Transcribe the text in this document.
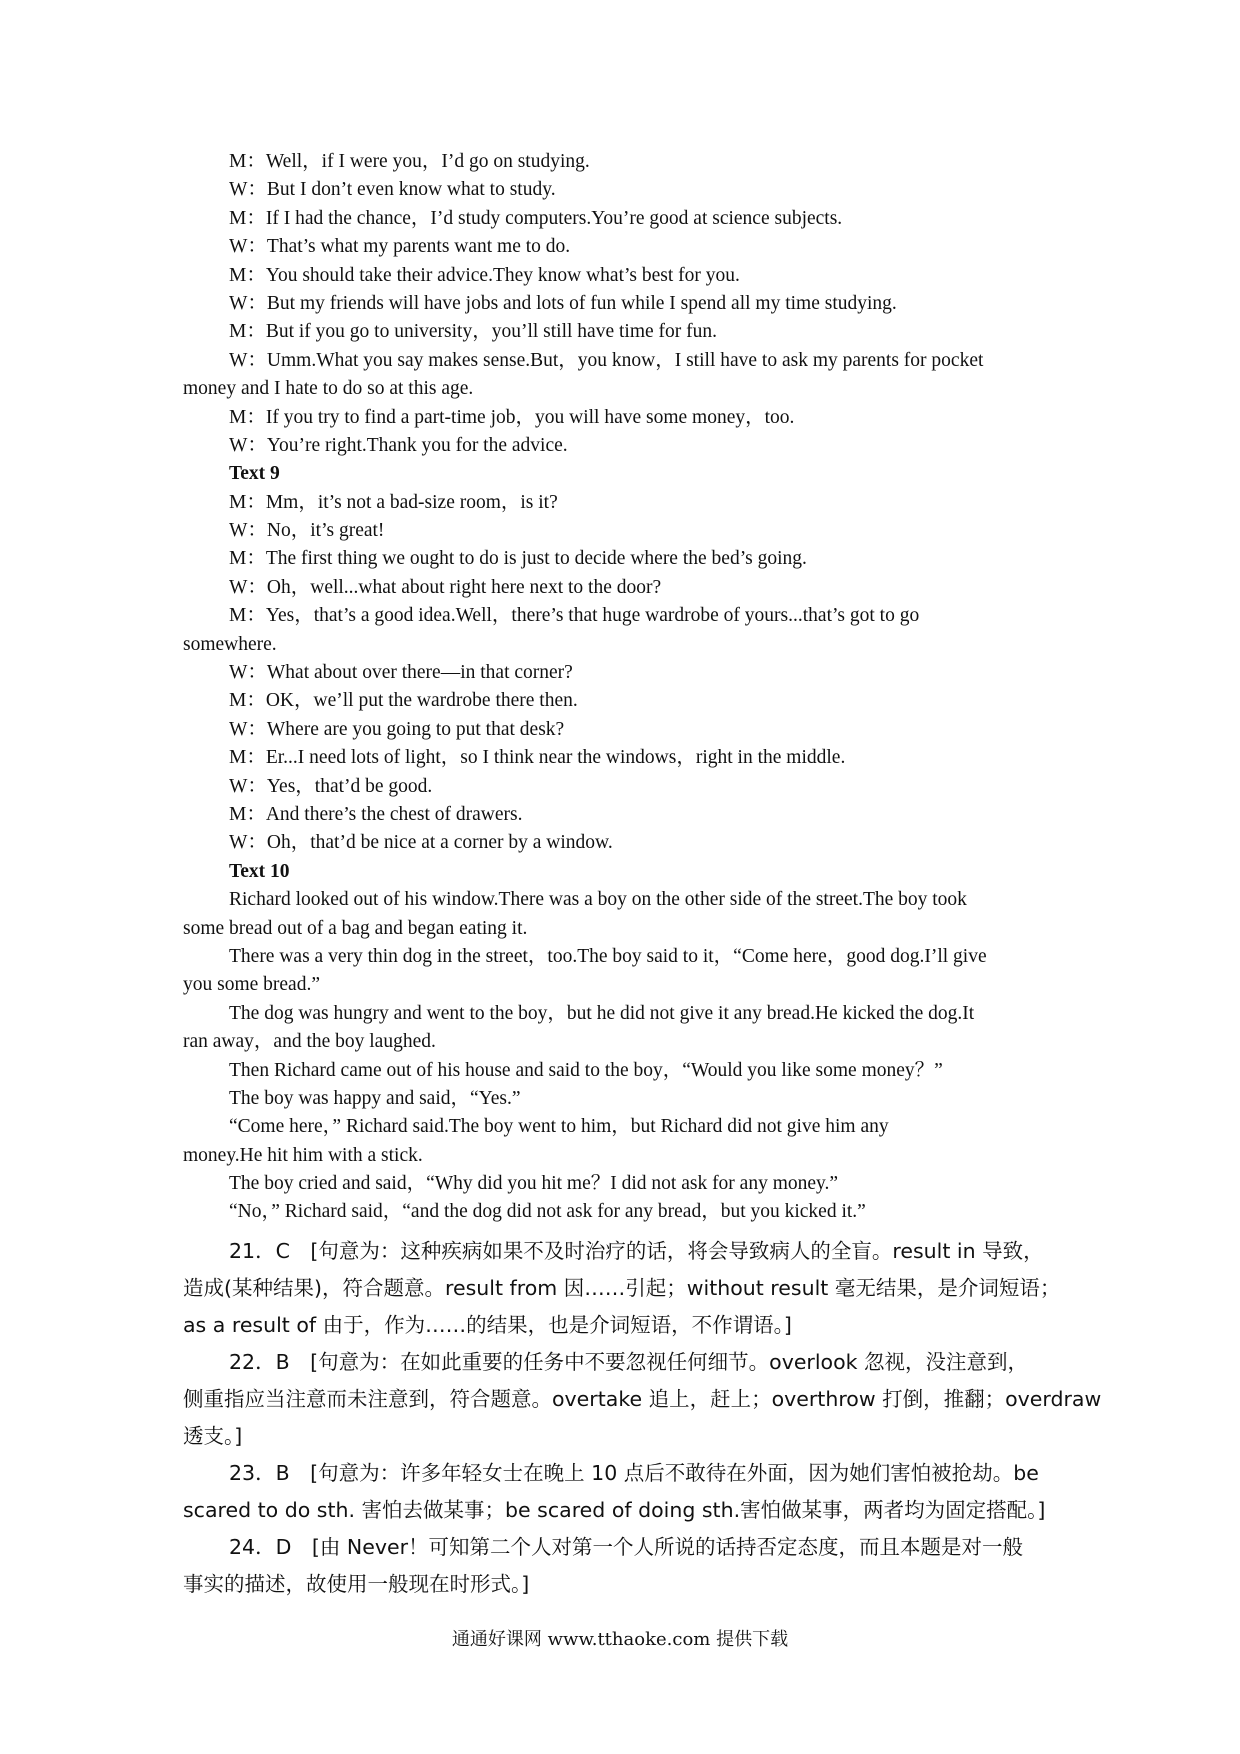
M：Well，if I were you，I’d go on studying.
W：But I don’t even know what to study.
M：If I had the chance，I’d study computers.You’re good at science subjects.
W：That’s what my parents want me to do.
M：You should take their advice.They know what’s best for you.
W：But my friends will have jobs and lots of fun while I spend all my time studying.
M：But if you go to university，you’ll still have time for fun.
W：Umm.What you say makes sense.But，you know，I still have to ask my parents for pocket
money and I hate to do so at this age.
M：If you try to find a part-time job，you will have some money，too.
W：You’re right.Thank you for the advice.
Text 9
M：Mm，it’s not a bad-size room，is it?
W：No，it’s great!
M：The first thing we ought to do is just to decide where the bed’s going.
W：Oh，well...what about right here next to the door?
M：Yes，that’s a good idea.Well，there’s that huge wardrobe of yours...that’s got to go
somewhere.
W：What about over there—in that corner?
M：OK，we’ll put the wardrobe there then.
W：Where are you going to put that desk?
M：Er...I need lots of light，so I think near the windows，right in the middle.
W：Yes，that’d be good.
M：And there’s the chest of drawers.
W：Oh，that’d be nice at a corner by a window.
Text 10
Richard looked out of his window.There was a boy on the other side of the street.The boy took
some bread out of a bag and began eating it.
There was a very thin dog in the street，too.The boy said to it，“Come here，good dog.I’ll give
you some bread.”
The dog was hungry and went to the boy，but he did not give it any bread.He kicked the dog.It
ran away，and the boy laughed.
Then Richard came out of his house and said to the boy，“Would you like some money？”
The boy was happy and said，“Yes.”
“Come here，” Richard said.The boy went to him，but Richard did not give him any
money.He hit him with a stick.
The boy cried and said，“Why did you hit me？I did not ask for any money.”
“No，” Richard said，“and the dog did not ask for any bread，but you kicked it.”
21．C　[句意为：这种疾病如果不及时治疗的话，将会导致病人的全盲。result in 导致，
造成(某种结果)，符合题意。result from 因……引起；without result 毫无结果，是介词短语；
as a result of 由于，作为……的结果，也是介词短语，不作谓语。]
22．B　[句意为：在如此重要的任务中不要忽视任何细节。overlook 忽视，没注意到，
侧重指应当注意而未注意到，符合题意。overtake 追上，赶上；overthrow 打倒，推翻；overdraw
透支。]
23．B　[句意为：许多年轻女士在晚上 10 点后不敢待在外面，因为她们害怕被抢劫。be
scared to do sth. 害怕去做某事；be scared of doing sth.害怕做某事，两者均为固定搭配。]
24．D　[由 Never！可知第二个人对第一个人所说的话持否定态度，而且本题是对一般
事实的描述，故使用一般现在时形式。]
通通好课网 www.tthaoke.com 提供下载
